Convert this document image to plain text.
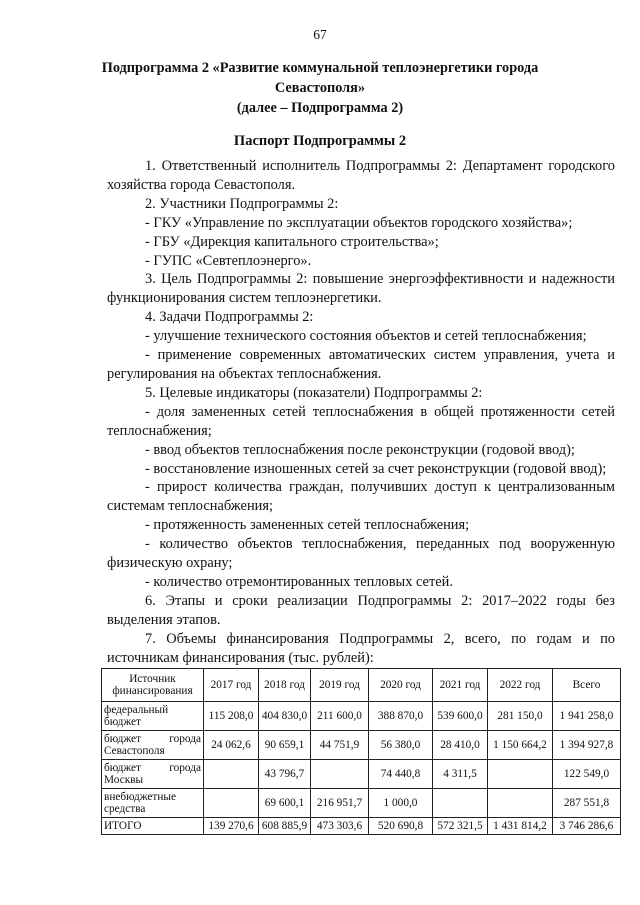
67
Подпрограмма 2 «Развитие коммунальной теплоэнергетики города
Севастополя»
(далее – Подпрограмма 2)
Паспорт Подпрограммы 2

1. Ответственный исполнитель Подпрограммы 2: Департамент городского хозяйства города Севастополя.

2. Участники Подпрограммы 2:

- ГКУ «Управление по эксплуатации объектов городского хозяйства»;

- ГБУ «Дирекция капитального строительства»;

- ГУПС «Севтеплоэнерго».

3. Цель Подпрограммы 2: повышение энергоэффективности и надежности функционирования систем теплоэнергетики.

4. Задачи Подпрограммы 2:

- улучшение технического состояния объектов и сетей теплоснабжения;

- применение современных автоматических систем управления, учета и регулирования на объектах теплоснабжения.

5. Целевые индикаторы (показатели) Подпрограммы 2:

- доля замененных сетей теплоснабжения в общей протяженности сетей теплоснабжения;

- ввод объектов теплоснабжения после реконструкции (годовой ввод);

- восстановление изношенных сетей за счет реконструкции (годовой ввод);

- прирост количества граждан, получивших доступ к централизованным системам теплоснабжения;

- протяженность замененных сетей теплоснабжения;

- количество объектов теплоснабжения, переданных под вооруженную физическую охрану;

- количество отремонтированных тепловых сетей.

6. Этапы и сроки реализации Подпрограммы 2: 2017–2022 годы без выделения этапов.

7. Объемы финансирования Подпрограммы 2, всего, по годам и по источникам финансирования (тыс. рублей):

Источник финансирования	2017 год	2018 год	2019 год	2020 год	2021 год	2022 год	Всего
федеральный бюджет	115 208,0	404 830,0	211 600,0	388 870,0	539 600,0	281 150,0	1 941 258,0
бюджет города Севастополя	24 062,6	90 659,1	44 751,9	56 380,0	28 410,0	1 150 664,2	1 394 927,8
бюджет города Москвы		43 796,7		74 440,8	4 311,5		122 549,0
внебюджетные средства		69 600,1	216 951,7	1 000,0			287 551,8
ИТОГО	139 270,6	608 885,9	473 303,6	520 690,8	572 321,5	1 431 814,2	3 746 286,6
